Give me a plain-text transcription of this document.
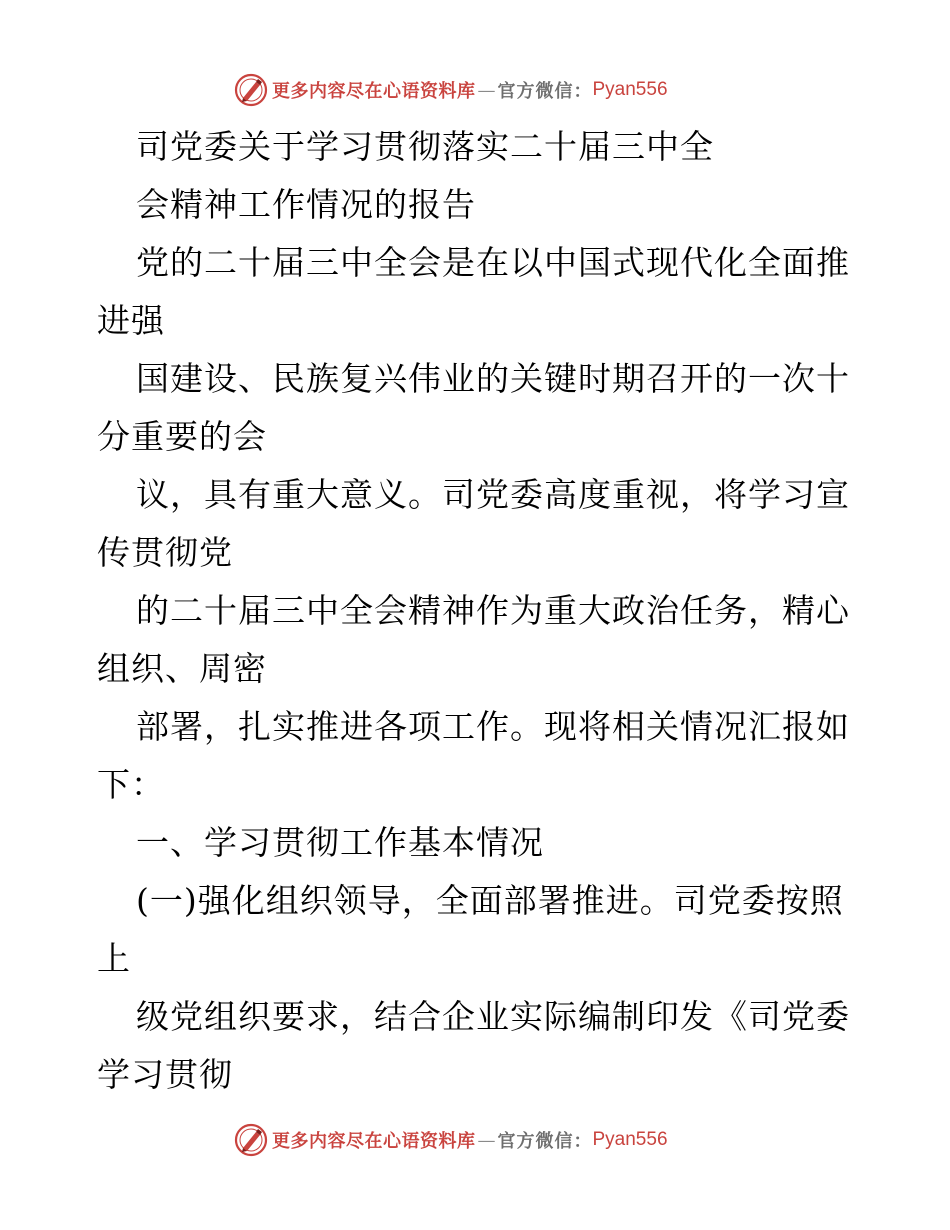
更多内容尽在心语资料库 — 官方微信： Pyan556
司党委关于学习贯彻落实二十届三中全
会精神工作情况的报告
党的二十届三中全会是在以中国式现代化全面推
进强
国建设、民族复兴伟业的关键时期召开的一次十
分重要的会
议，具有重大意义。司党委高度重视，将学习宣
传贯彻党
的二十届三中全会精神作为重大政治任务，精心
组织、周密
部署，扎实推进各项工作。现将相关情况汇报如
下：
一、学习贯彻工作基本情况
(一)强化组织领导，全面部署推进。司党委按照
上
级党组织要求，结合企业实际编制印发《司党委
学习贯彻
更多内容尽在心语资料库 — 官方微信： Pyan556
